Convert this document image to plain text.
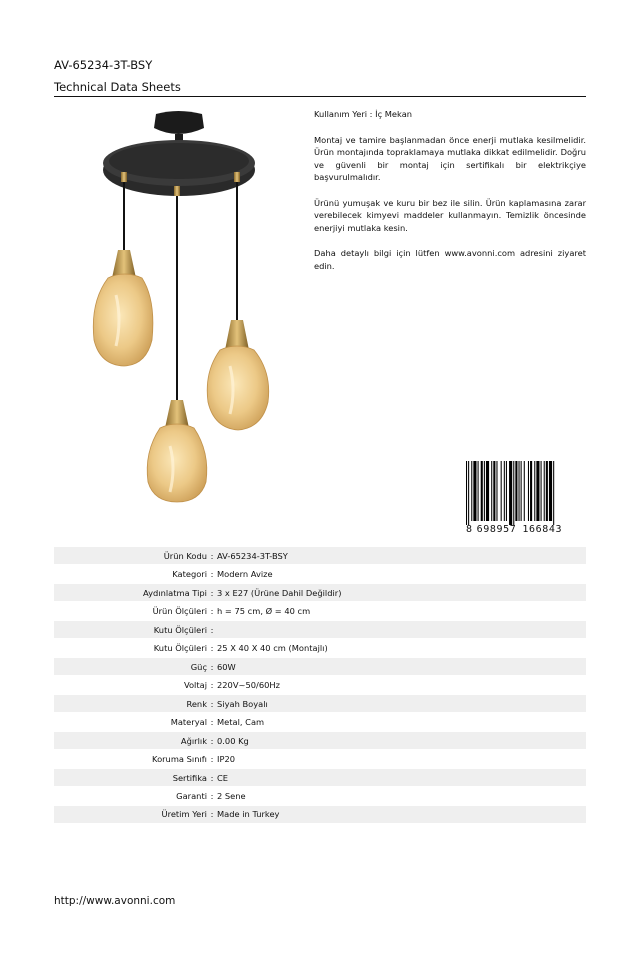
AV-65234-3T-BSY
Technical Data Sheets

Kullanım Yeri : İç Mekan

Montaj ve tamire başlanmadan önce enerji mutlaka kesilmelidir. Ürün montajında topraklamaya mutlaka dikkat edilmelidir. Doğru ve güvenli bir montaj için sertifikalı bir elektrikçiye başvurulmalıdır.

Ürünü yumuşak ve kuru bir bez ile silin. Ürün kaplamasına zarar verebilecek kimyevi maddeler kullanmayın. Temizlik öncesinde enerjiyi mutlaka kesin.

Daha detaylı bilgi için lütfen www.avonni.com adresini ziyaret edin.

8 698957 166843
Ürün Kodu : AV-65234-3T-BSY
Kategori : Modern Avize
Aydınlatma Tipi : 3 x E27 (Ürüne Dahil Değildir)
Ürün Ölçüleri : h = 75 cm, Ø = 40 cm
Kutu Ölçüleri :
Kutu Ölçüleri : 25 X 40 X 40 cm (Montajlı)
Güç : 60W
Voltaj : 220V~50/60Hz
Renk : Siyah Boyalı
Materyal : Metal, Cam
Ağırlık : 0.00 Kg
Koruma Sınıfı : IP20
Sertifika : CE
Garanti : 2 Sene
Üretim Yeri : Made in Turkey
http://www.avonni.com
